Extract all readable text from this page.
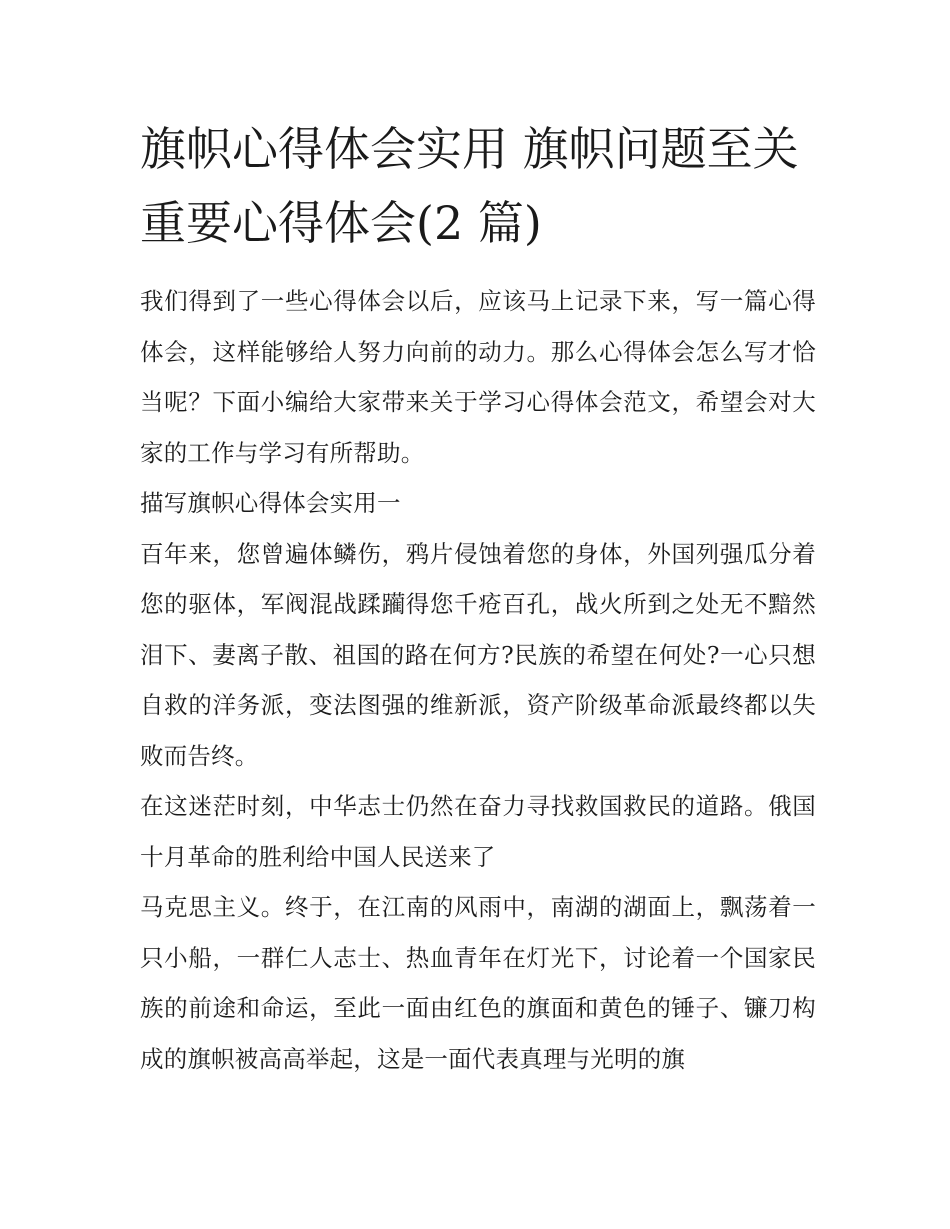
旗帜心得体会实用 旗帜问题至关重要心得体会(2 篇)

我们得到了一些心得体会以后，应该马上记录下来，写一篇心得体会，这样能够给人努力向前的动力。那么心得体会怎么写才恰当呢？下面小编给大家带来关于学习心得体会范文，希望会对大家的工作与学习有所帮助。

描写旗帜心得体会实用一

百年来，您曾遍体鳞伤，鸦片侵蚀着您的身体，外国列强瓜分着您的驱体，军阀混战蹂躏得您千疮百孔，战火所到之处无不黯然泪下、妻离子散、祖国的路在何方?民族的希望在何处?一心只想自救的洋务派，变法图强的维新派，资产阶级革命派最终都以失败而告终。

在这迷茫时刻，中华志士仍然在奋力寻找救国救民的道路。俄国十月革命的胜利给中国人民送来了

马克思主义。终于，在江南的风雨中，南湖的湖面上，飘荡着一只小船，一群仁人志士、热血青年在灯光下，讨论着一个国家民族的前途和命运，至此一面由红色的旗面和黄色的锤子、镰刀构成的旗帜被高高举起，这是一面代表真理与光明的旗
